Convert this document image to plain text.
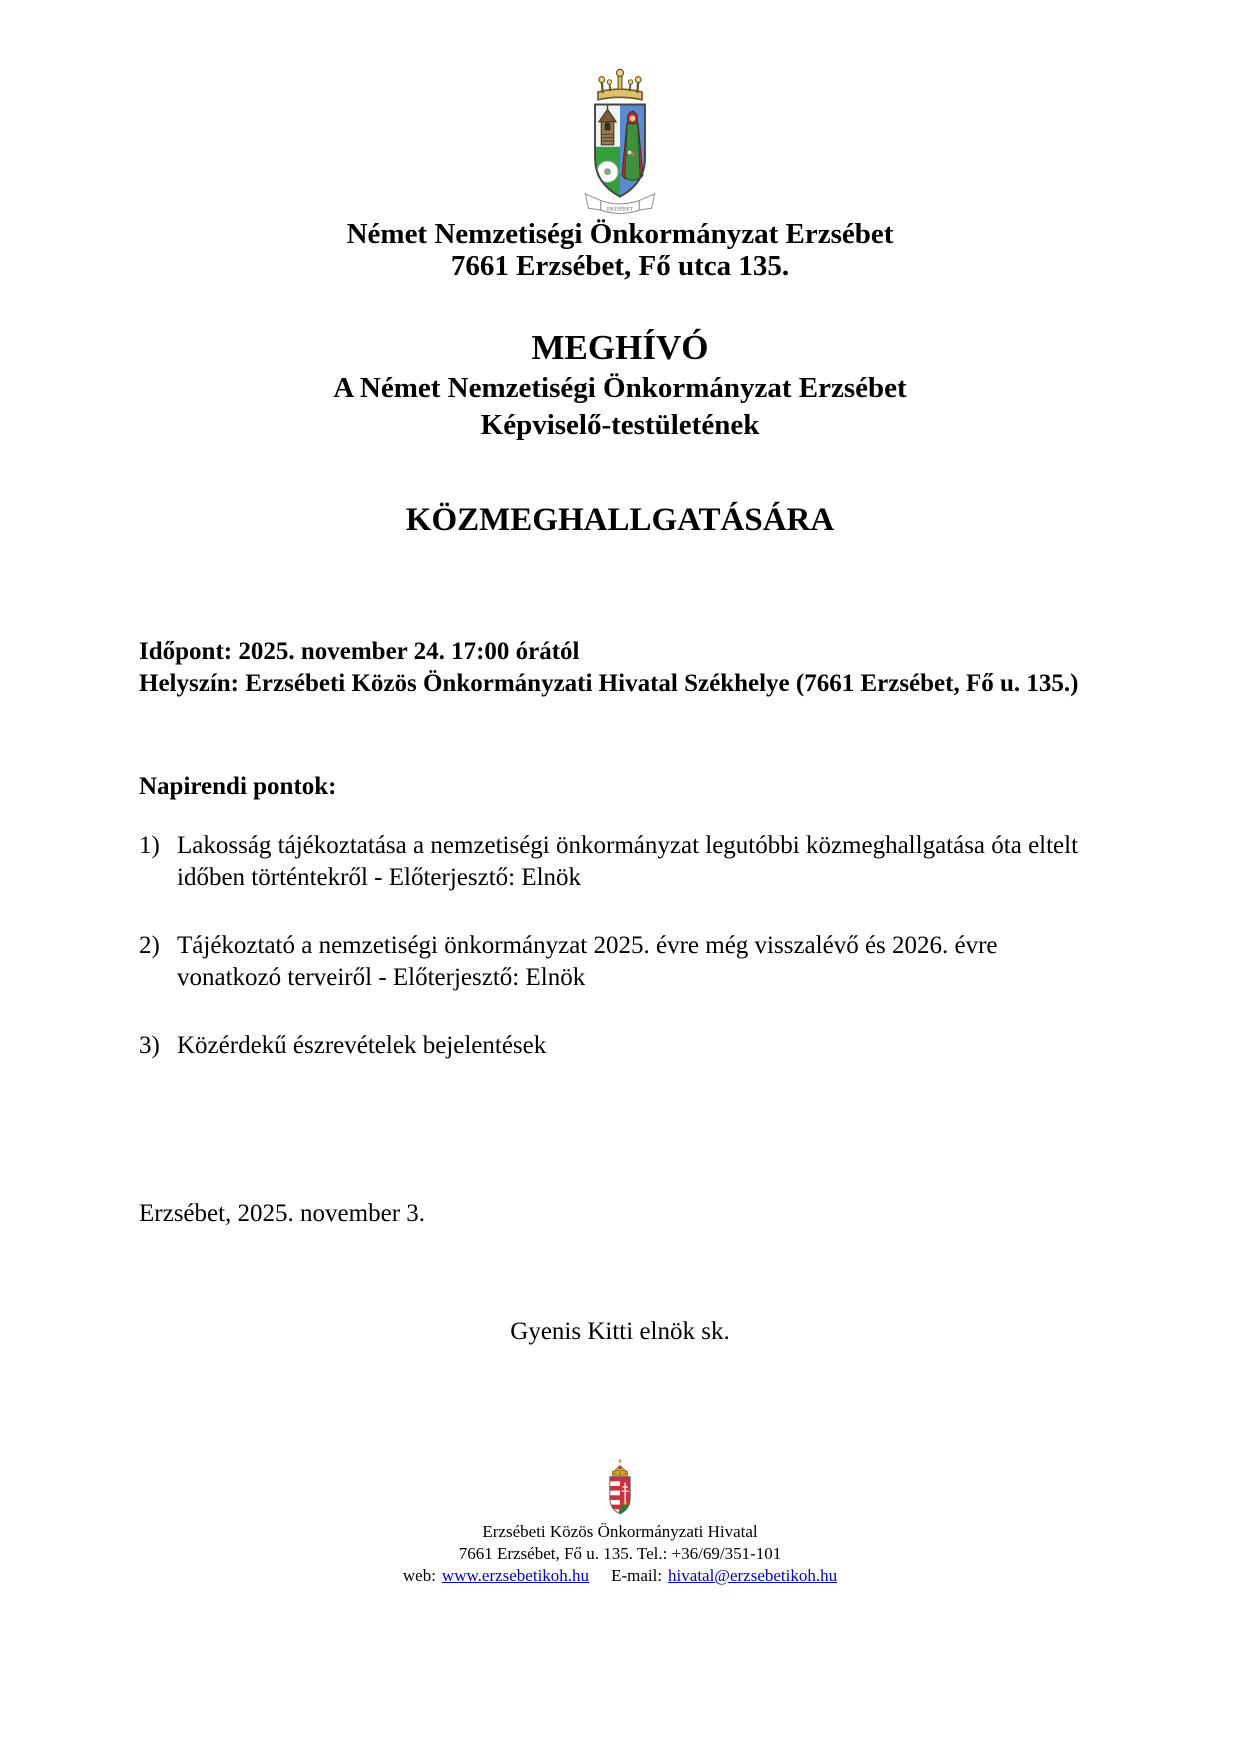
ERZSÉBET
Német Nemzetiségi Önkormányzat Erzsébet
7661 Erzsébet, Fő utca 135.
MEGHÍVÓ
A Német Nemzetiségi Önkormányzat Erzsébet
Képviselő-testületének
KÖZMEGHALLGATÁSÁRA
Időpont: 2025. november 24. 17:00 órától
Helyszín: Erzsébeti Közös Önkormányzati Hivatal Székhelye (7661 Erzsébet, Fő u. 135.)
Napirendi pontok:
1) Lakosság tájékoztatása a nemzetiségi önkormányzat legutóbbi közmeghallgatása óta eltelt időben történtekről - Előterjesztő: Elnök
2) Tájékoztató a nemzetiségi önkormányzat 2025. évre még visszalévő és 2026. évre vonatkozó terveiről - Előterjesztő: Elnök
3) Közérdekű észrevételek bejelentések
Erzsébet, 2025. november 3.
Gyenis Kitti elnök sk.
Erzsébeti Közös Önkormányzati Hivatal
7661 Erzsébet, Fő u. 135. Tel.: +36/69/351-101
web: www.erzsebetikoh.hu E-mail: hivatal@erzsebetikoh.hu
